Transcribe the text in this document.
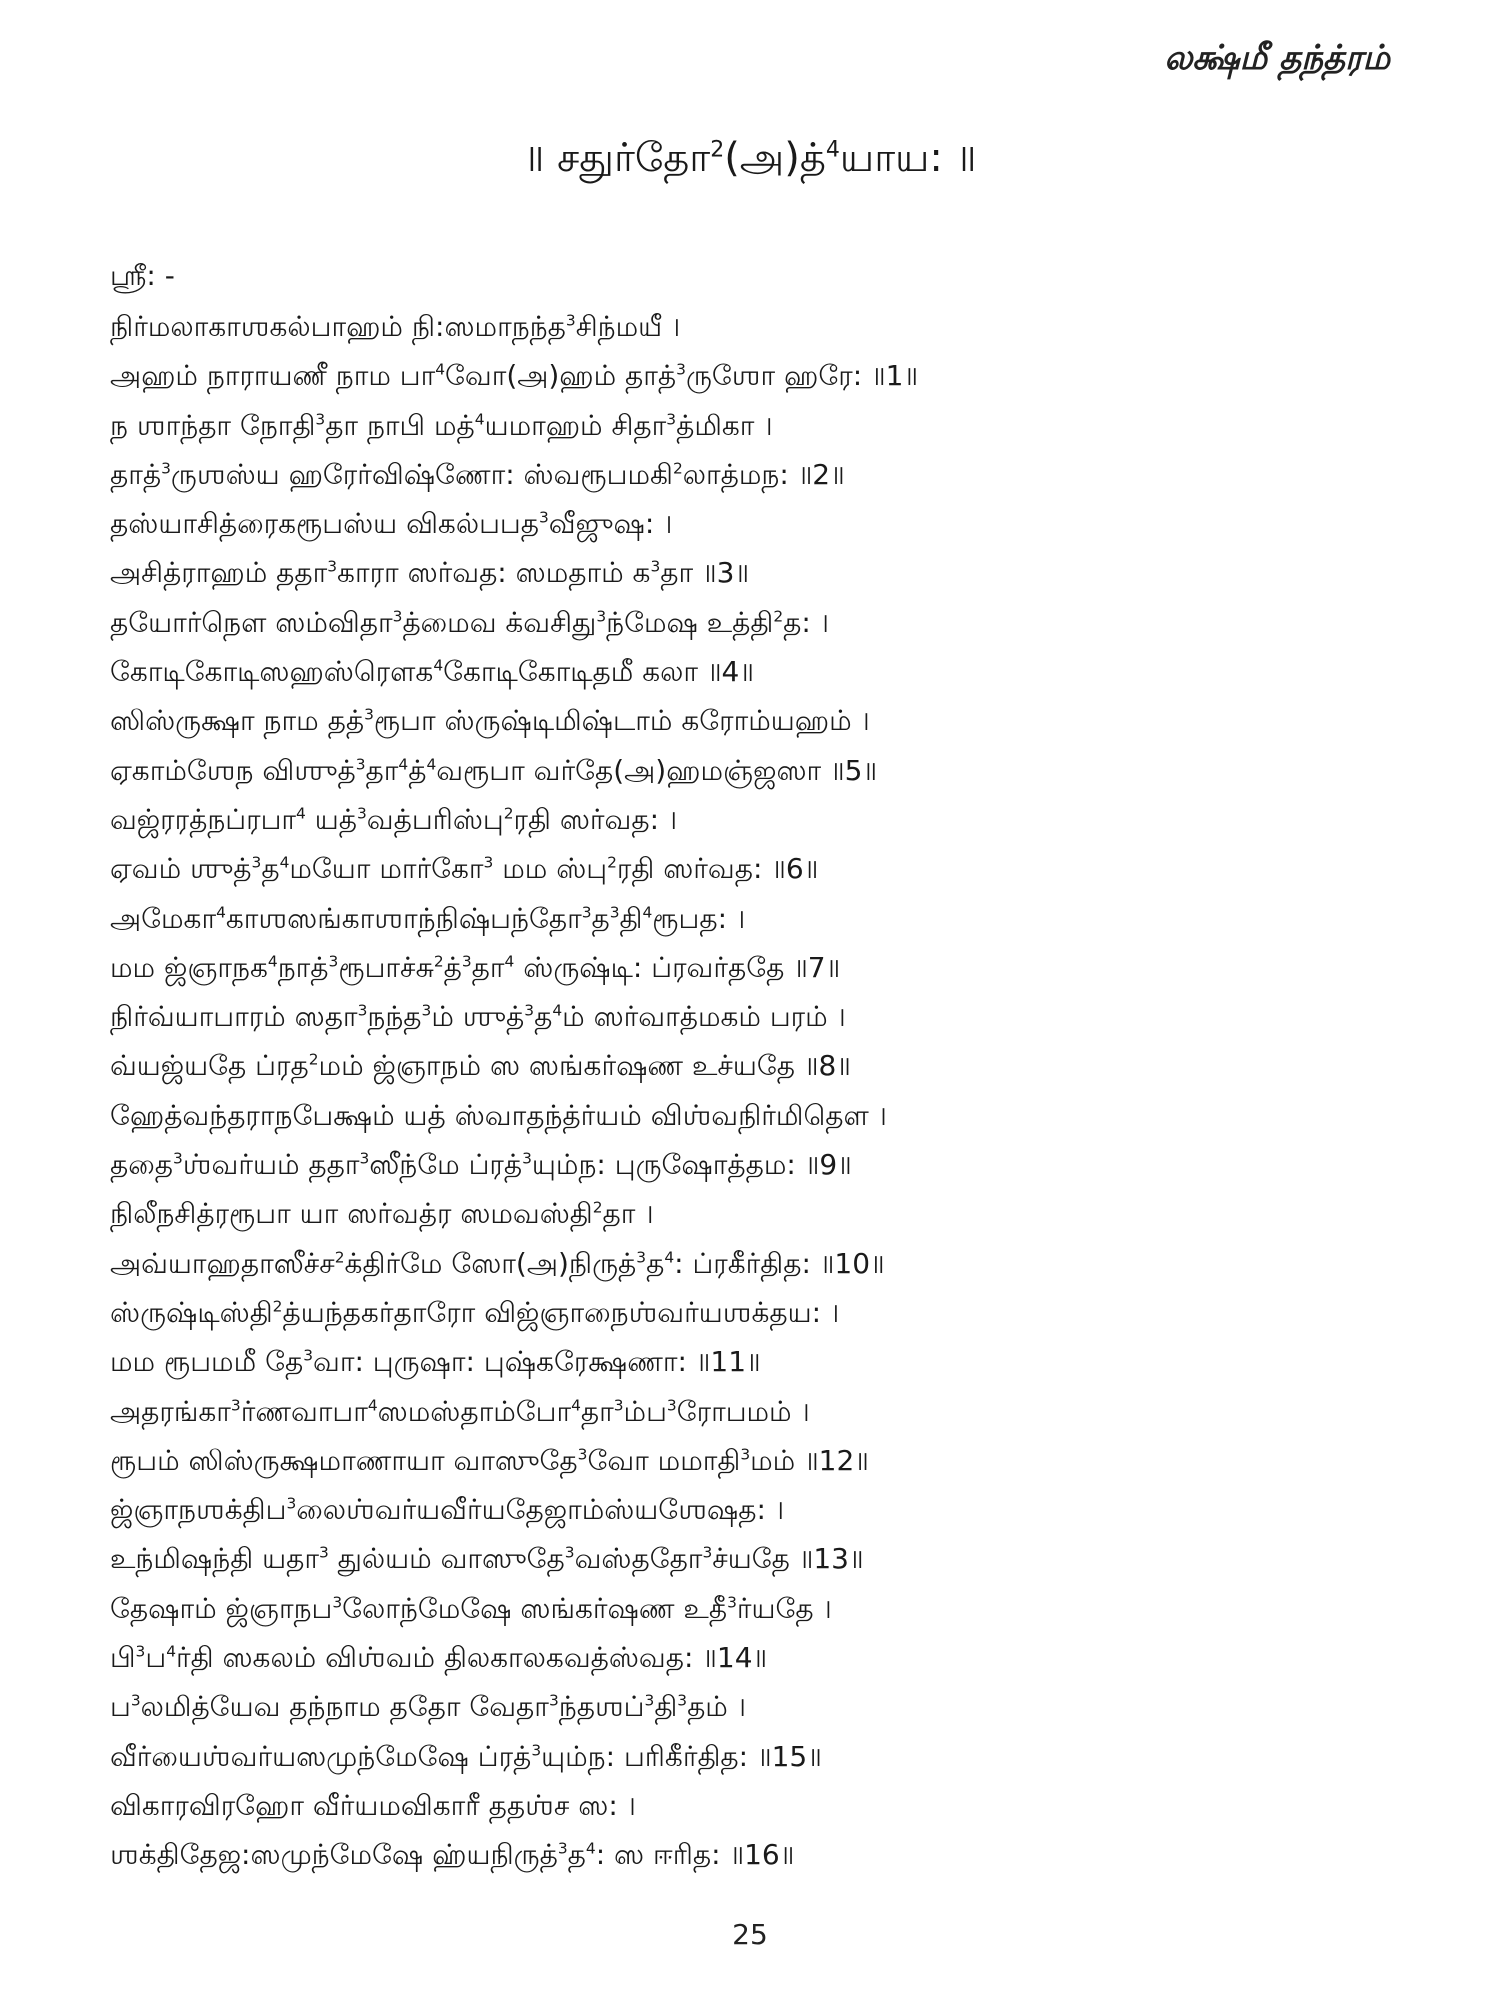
லக்ஷ்மீ தந்த்ரம்
॥ சதுர்தோ$^2$(அ)த்$^4$யாய: ॥
ஶ்ரீ: -
நிர்மலாகாஶகல்பாஹம் நி:ஸமாநந்த$^3$சிந்மயீ ।
அஹம் நாராயணீ நாம பா$^4$வோ(அ)ஹம் தாத்$^3$ருஶோ ஹரே: ॥1॥
ந ஶாந்தா நோதி$^3$தா நாபி மத்$^4$யமாஹம் சிதா$^3$த்மிகா ।
தாத்$^3$ருஶஸ்ய ஹரேர்விஷ்ணோ: ஸ்வரூபமகி$^2$லாத்மந: ॥2॥
தஸ்யாசித்ரைகரூபஸ்ய விகல்பபத$^3$வீஜுஷ: ।
அசித்ராஹம் ததா$^3$காரா ஸர்வத: ஸமதாம் க$^3$தா ॥3॥
தயோர்நௌ ஸம்விதா$^3$த்மைவ க்வசிது$^3$ந்மேஷ உத்தி$^2$த: ।
கோடிகோடிஸஹஸ்ரௌக$^4$கோடிகோடிதமீ கலா ॥4॥
ஸிஸ்ருக்ஷா நாம தத்$^3$ரூபா ஸ்ருஷ்டிமிஷ்டாம் கரோம்யஹம் ।
ஏகாம்ஶேந விஶுத்$^3$தா$^4$த்$^4$வரூபா வர்தே(அ)ஹமஞ்ஜஸா ॥5॥
வஜ்ரரத்நப்ரபா$^4$ யத்$^3$வத்பரிஸ்பு$^2$ரதி ஸர்வத: ।
ஏவம் ஶுத்$^3$த$^4$மயோ மார்கோ$^3$ மம ஸ்பு$^2$ரதி ஸர்வத: ॥6॥
அமேகா$^4$காஶஸங்காஶாந்நிஷ்பந்தோ$^3$த$^3$தி$^4$ரூபத: ।
மம ஜ்ஞாநக$^4$நாத்$^3$ரூபாச்சு$^2$த்$^3$தா$^4$ ஸ்ருஷ்டி: ப்ரவர்ததே ॥7॥
நிர்வ்யாபாரம் ஸதா$^3$நந்த$^3$ம் ஶுத்$^3$த$^4$ம் ஸர்வாத்மகம் பரம் ।
வ்யஜ்யதே ப்ரத$^2$மம் ஜ்ஞாநம் ஸ ஸங்கர்ஷண உச்யதே ॥8॥
ஹேத்வந்தராநபேக்ஷம் யத் ஸ்வாதந்த்ர்யம் விஶ்வநிர்மிதௌ ।
ததை$^3$ஶ்வர்யம் ததா$^3$ஸீந்மே ப்ரத்$^3$யும்ந: புருஷோத்தம: ॥9॥
நிலீநசித்ரரூபா யா ஸர்வத்ர ஸமவஸ்தி$^2$தா ।
அவ்யாஹதாஸீச்ச$^2$க்திர்மே ஸோ(அ)நிருத்$^3$த$^4$: ப்ரகீர்தித: ॥10॥
ஸ்ருஷ்டிஸ்தி$^2$த்யந்தகர்தாரோ விஜ்ஞாநைஶ்வர்யஶக்தய: ।
மம ரூபமமீ தே$^3$வா: புருஷா: புஷ்கரேக்ஷணா: ॥11॥
அதரங்கா$^3$ர்ணவாபா$^4$ஸமஸ்தாம்போ$^4$தா$^3$ம்ப$^3$ரோபமம் ।
ரூபம் ஸிஸ்ருக்ஷமாணாயா வாஸுதே$^3$வோ மமாதி$^3$மம் ॥12॥
ஜ்ஞாநஶக்திப$^3$லைஶ்வர்யவீர்யதேஜாம்ஸ்யஶேஷத: ।
உந்மிஷந்தி யதா$^3$ துல்யம் வாஸுதே$^3$வஸ்ததோ$^3$ச்யதே ॥13॥
தேஷாம் ஜ்ஞாநப$^3$லோந்மேஷே ஸங்கர்ஷண உதீ$^3$ர்யதே ।
பி$^3$ப$^4$ர்தி ஸகலம் விஶ்வம் திலகாலகவத்ஸ்வத: ॥14॥
ப$^3$லமித்யேவ தந்நாம ததோ வேதா$^3$ந்தஶப்$^3$தி$^3$தம் ।
வீர்யைஶ்வர்யஸமுந்மேஷே ப்ரத்$^3$யும்ந: பரிகீர்தித: ॥15॥
விகாரவிரஹோ வீர்யமவிகாரீ ததஶ்ச ஸ: ।
ஶக்திதேஜ:ஸமுந்மேஷே ஹ்யநிருத்$^3$த$^4$: ஸ ஈரித: ॥16॥
25
